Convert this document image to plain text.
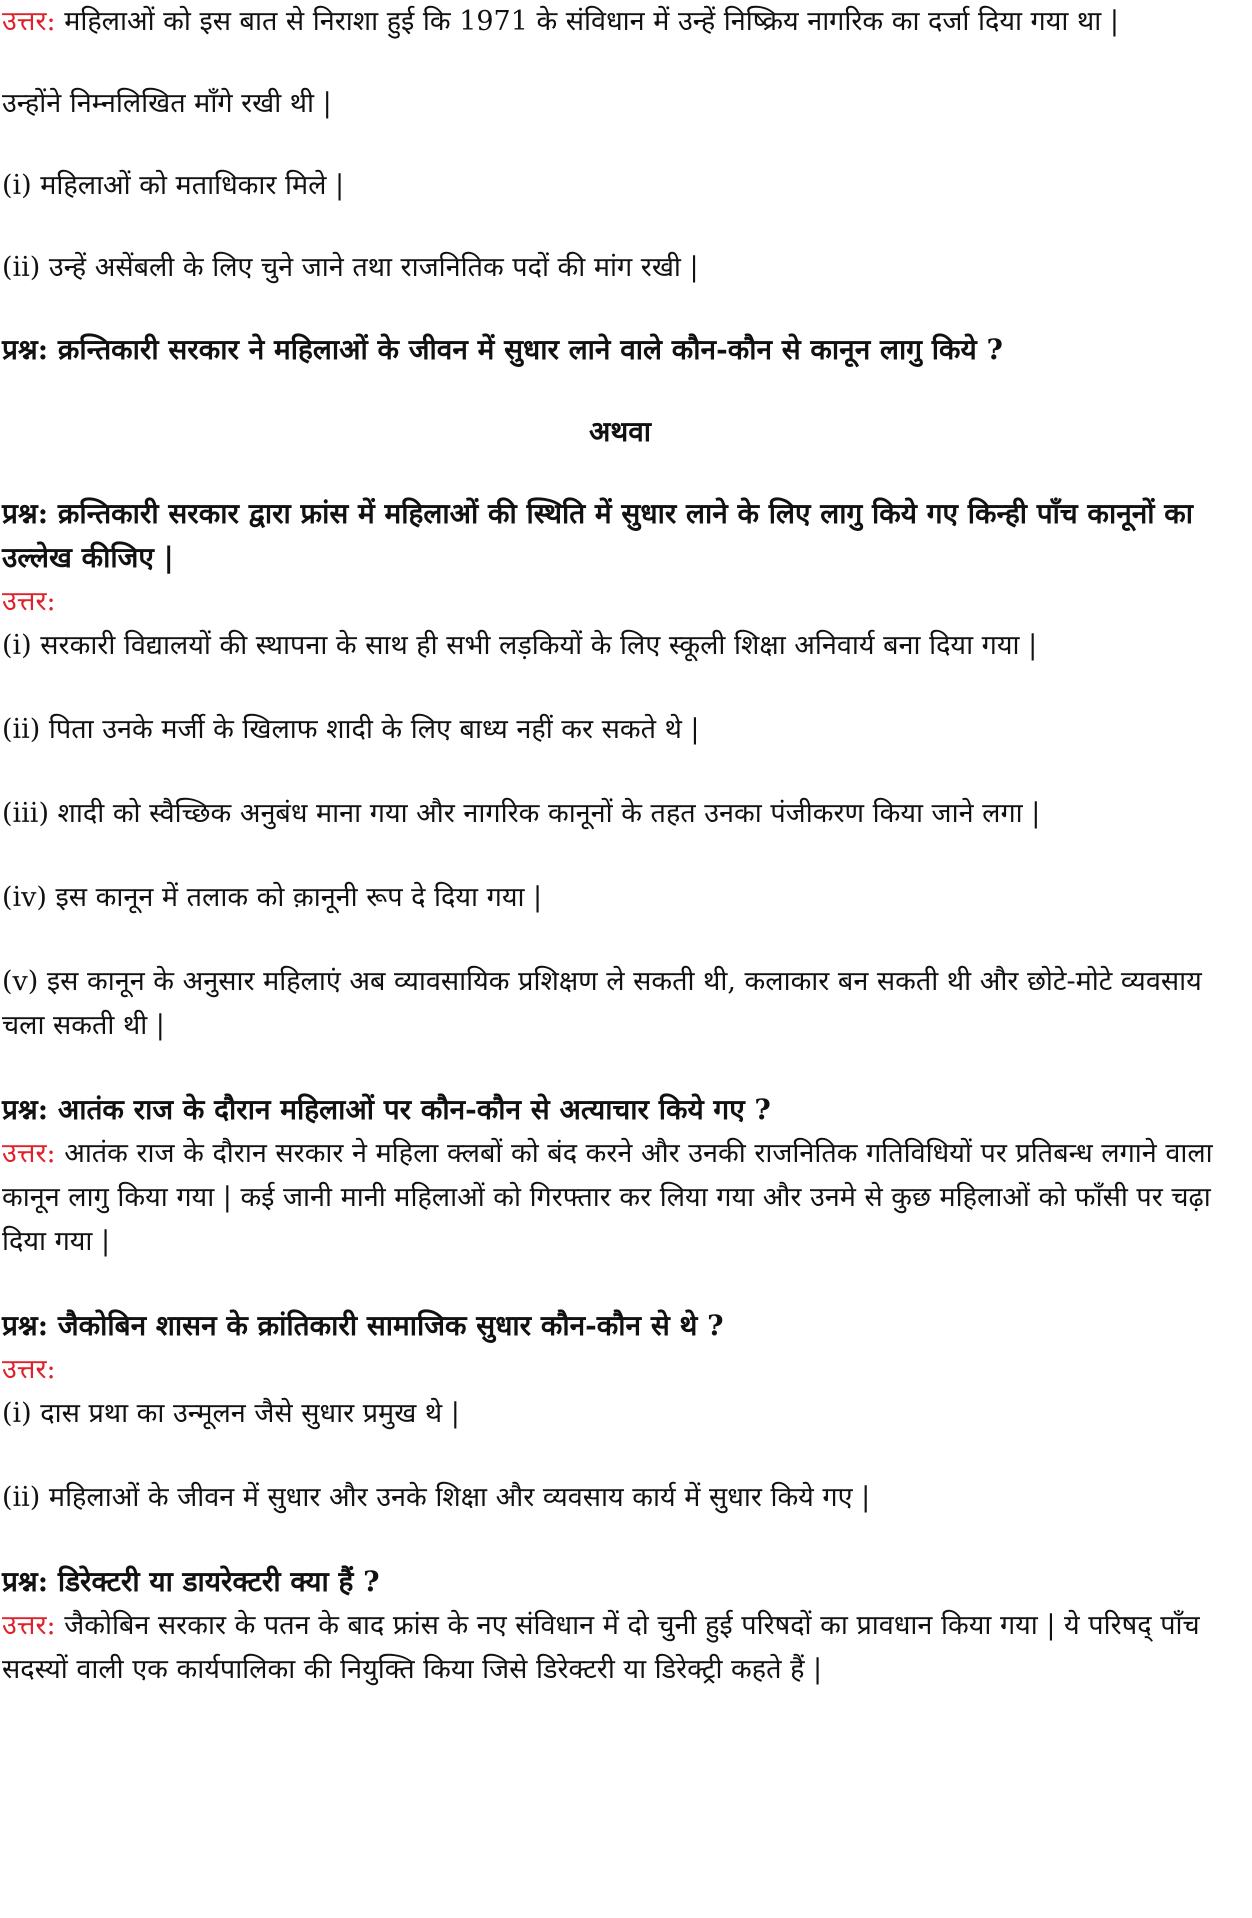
उत्तर: महिलाओं को इस बात से निराशा हुई कि 1971 के संविधान में उन्हें निष्क्रिय नागरिक का दर्जा दिया गया था |

उन्होंने निम्नलिखित माँगे रखी थी |

(i) महिलाओं को मताधिकार मिले |

(ii) उन्हें असेंबली के लिए चुने जाने तथा राजनितिक पदों की मांग रखी |

प्रश्न: क्रन्तिकारी सरकार ने महिलाओं के जीवन में सुधार लाने वाले कौन-कौन से कानून लागु किये ?

अथवा

प्रश्न: क्रन्तिकारी सरकार द्वारा फ्रांस में महिलाओं की स्थिति में सुधार लाने के लिए लागु किये गए किन्ही पाँच कानूनों का उल्लेख कीजिए |

उत्तर:

(i) सरकारी विद्यालयों की स्थापना के साथ ही सभी लड़कियों के लिए स्कूली शिक्षा अनिवार्य बना दिया गया |

(ii) पिता उनके मर्जी के खिलाफ शादी के लिए बाध्य नहीं कर सकते थे |

(iii) शादी को स्वैच्छिक अनुबंध माना गया और नागरिक कानूनों के तहत उनका पंजीकरण किया जाने लगा |

(iv) इस कानून में तलाक को क़ानूनी रूप दे दिया गया |

(v) इस कानून के अनुसार महिलाएं अब व्यावसायिक प्रशिक्षण ले सकती थी, कलाकार बन सकती थी और छोटे-मोटे व्यवसाय चला सकती थी |

प्रश्न: आतंक राज के दौरान महिलाओं पर कौन-कौन से अत्याचार किये गए ?

उत्तर: आतंक राज के दौरान सरकार ने महिला क्लबों को बंद करने और उनकी राजनितिक गतिविधियों पर प्रतिबन्ध लगाने वाला कानून लागु किया गया | कई जानी मानी महिलाओं को गिरफ्तार कर लिया गया और उनमे से कुछ महिलाओं को फाँसी पर चढ़ा दिया गया |

प्रश्न: जैकोबिन शासन के क्रांतिकारी सामाजिक सुधार कौन-कौन से थे ?

उत्तर:

(i) दास प्रथा का उन्मूलन जैसे सुधार प्रमुख थे |

(ii) महिलाओं के जीवन में सुधार और उनके शिक्षा और व्यवसाय कार्य में सुधार किये गए |

प्रश्न: डिरेक्टरी या डायरेक्टरी क्या हैं ?

उत्तर: जैकोबिन सरकार के पतन के बाद फ्रांस के नए संविधान में दो चुनी हुई परिषदों का प्रावधान किया गया | ये परिषद् पाँच सदस्यों वाली एक कार्यपालिका की नियुक्ति किया जिसे डिरेक्टरी या डिरेक्ट्री कहते हैं |
